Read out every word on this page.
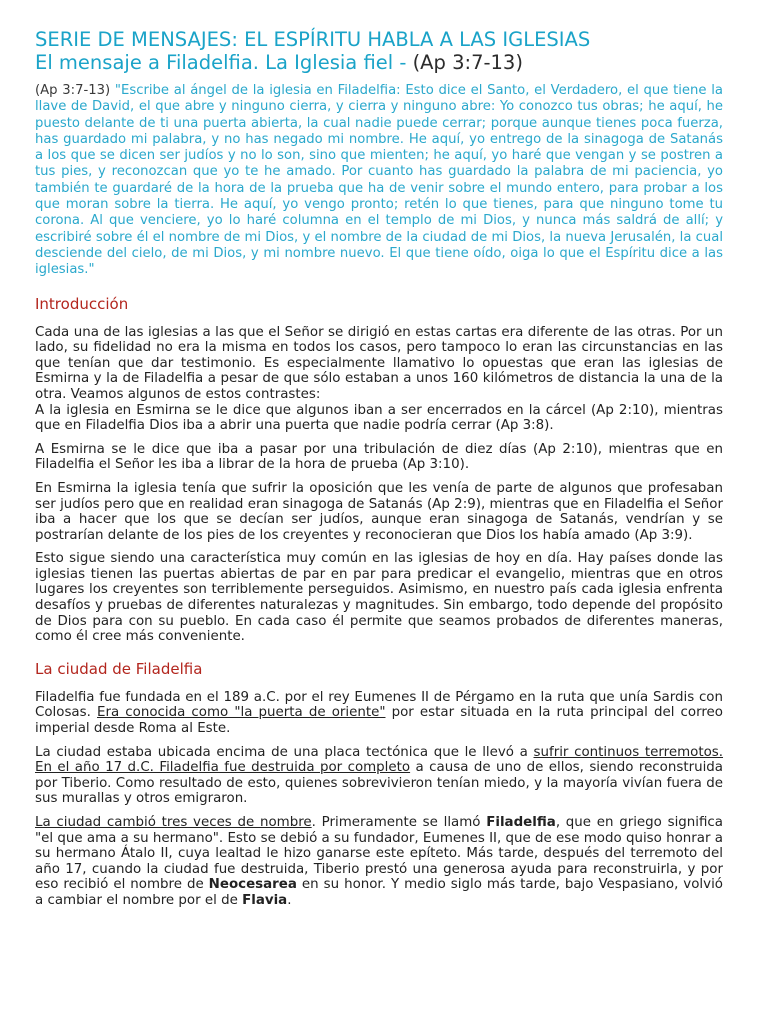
SERIE DE MENSAJES: EL ESPÍRITU HABLA A LAS IGLESIAS
El mensaje a Filadelfia. La Iglesia fiel - (Ap 3:7-13)

(Ap 3:7-13) "Escribe al ángel de la iglesia en Filadelfia: Esto dice el Santo, el Verdadero, el que tiene la llave de David, el que abre y ninguno cierra, y cierra y ninguno abre: Yo conozco tus obras; he aquí, he puesto delante de ti una puerta abierta, la cual nadie puede cerrar; porque aunque tienes poca fuerza, has guardado mi palabra, y no has negado mi nombre. He aquí, yo entrego de la sinagoga de Satanás a los que se dicen ser judíos y no lo son, sino que mienten; he aquí, yo haré que vengan y se postren a tus pies, y reconozcan que yo te he amado. Por cuanto has guardado la palabra de mi paciencia, yo también te guardaré de la hora de la prueba que ha de venir sobre el mundo entero, para probar a los que moran sobre la tierra. He aquí, yo vengo pronto; retén lo que tienes, para que ninguno tome tu corona. Al que venciere, yo lo haré columna en el templo de mi Dios, y nunca más saldrá de allí; y escribiré sobre él el nombre de mi Dios, y el nombre de la ciudad de mi Dios, la nueva Jerusalén, la cual desciende del cielo, de mi Dios, y mi nombre nuevo. El que tiene oído, oiga lo que el Espíritu dice a las iglesias."

Introducción

Cada una de las iglesias a las que el Señor se dirigió en estas cartas era diferente de las otras. Por un lado, su fidelidad no era la misma en todos los casos, pero tampoco lo eran las circunstancias en las que tenían que dar testimonio. Es especialmente llamativo lo opuestas que eran las iglesias de Esmirna y la de Filadelfia a pesar de que sólo estaban a unos 160 kilómetros de distancia la una de la otra. Veamos algunos de estos contrastes:
A la iglesia en Esmirna se le dice que algunos iban a ser encerrados en la cárcel (Ap 2:10), mientras que en Filadelfia Dios iba a abrir una puerta que nadie podría cerrar (Ap 3:8).

A Esmirna se le dice que iba a pasar por una tribulación de diez días (Ap 2:10), mientras que en Filadelfia el Señor les iba a librar de la hora de prueba (Ap 3:10).

En Esmirna la iglesia tenía que sufrir la oposición que les venía de parte de algunos que profesaban ser judíos pero que en realidad eran sinagoga de Satanás (Ap 2:9), mientras que en Filadelfia el Señor iba a hacer que los que se decían ser judíos, aunque eran sinagoga de Satanás, vendrían y se postrarían delante de los pies de los creyentes y reconocieran que Dios los había amado (Ap 3:9).

Esto sigue siendo una característica muy común en las iglesias de hoy en día. Hay países donde las iglesias tienen las puertas abiertas de par en par para predicar el evangelio, mientras que en otros lugares los creyentes son terriblemente perseguidos. Asimismo, en nuestro país cada iglesia enfrenta desafíos y pruebas de diferentes naturalezas y magnitudes. Sin embargo, todo depende del propósito de Dios para con su pueblo. En cada caso él permite que seamos probados de diferentes maneras, como él cree más conveniente.

La ciudad de Filadelfia

Filadelfia fue fundada en el 189 a.C. por el rey Eumenes II de Pérgamo en la ruta que unía Sardis con Colosas. Era conocida como "la puerta de oriente" por estar situada en la ruta principal del correo imperial desde Roma al Este.

La ciudad estaba ubicada encima de una placa tectónica que le llevó a sufrir continuos terremotos. En el año 17 d.C. Filadelfia fue destruida por completo a causa de uno de ellos, siendo reconstruida por Tiberio. Como resultado de esto, quienes sobrevivieron tenían miedo, y la mayoría vivían fuera de sus murallas y otros emigraron.

La ciudad cambió tres veces de nombre. Primeramente se llamó Filadelfia, que en griego significa "el que ama a su hermano". Esto se debió a su fundador, Eumenes II, que de ese modo quiso honrar a su hermano Átalo II, cuya lealtad le hizo ganarse este epíteto. Más tarde, después del terremoto del año 17, cuando la ciudad fue destruida, Tiberio prestó una generosa ayuda para reconstruirla, y por eso recibió el nombre de Neocesarea en su honor. Y medio siglo más tarde, bajo Vespasiano, volvió a cambiar el nombre por el de Flavia.
